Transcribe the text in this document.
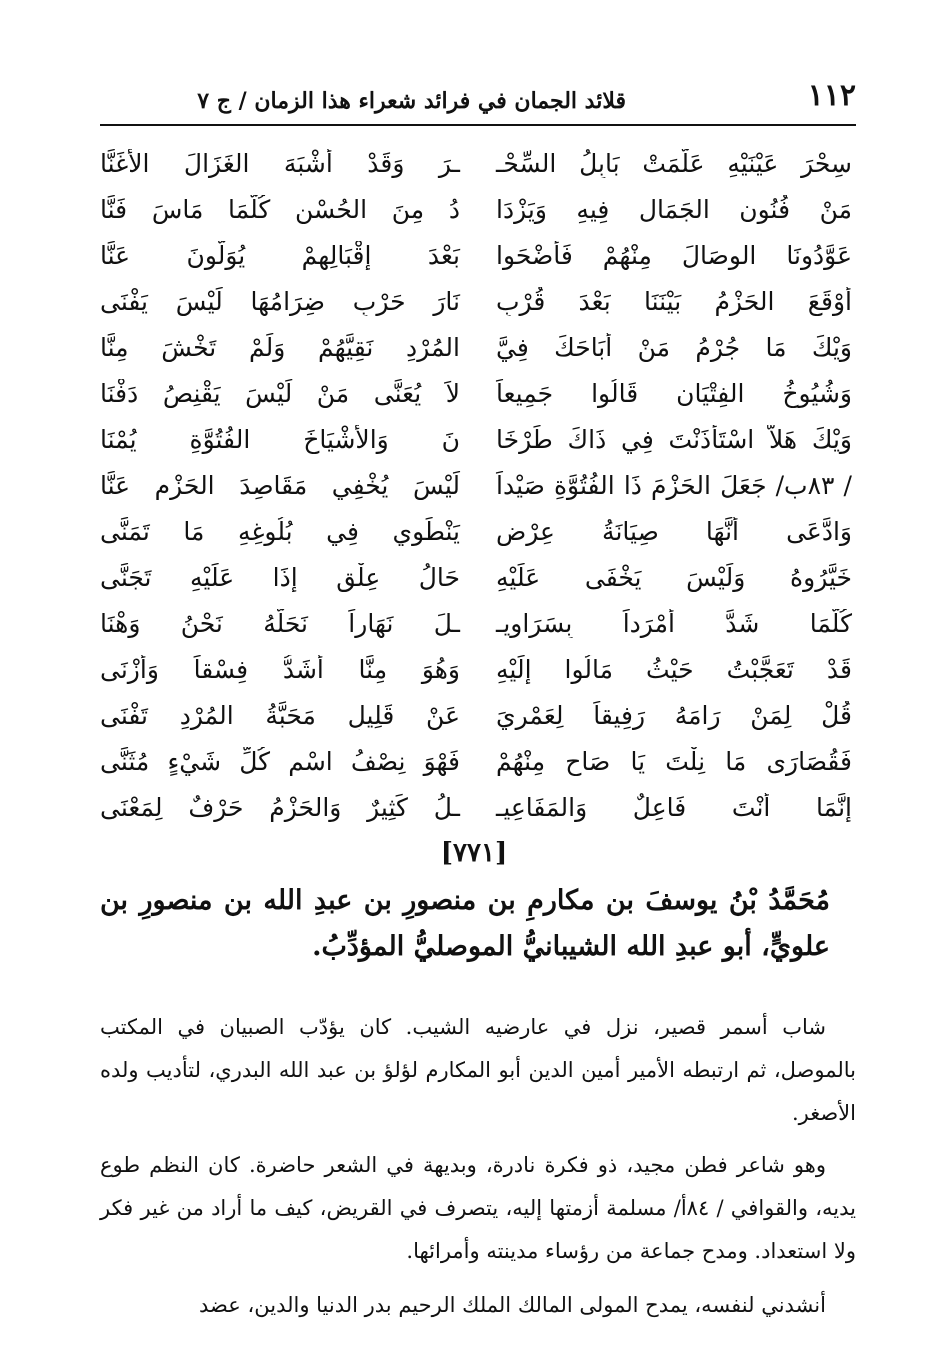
١١٢
قلائد الجمان في فرائد شعراء هذا الزمان / ج ٧
سِحْرَ عَيْنَيْهِ عَلَّمَتْ بَابِلُ السِّحْـ
ـرَ وَقَدْ أَشْبَهَ الغَزَالَ الأَغَنَّا
مَنْ فُنُونِ الجَمَالِ فِيهِ وَيَزْدَا
دُ مِنَ الحُسْنِ كُلَّمَا مَاسَ فَنَّا
عَوَّدُونَا الوِصَالَ مِنْهُمْ فَأَضْحَوا
بَعْدَ إقْبَالِهِمْ يُوَلُّونَ عَنَّا
أَوْقَعَ الحَزْمُ بَيْنَنَا بَعْدَ قُرْبٍ
نَارَ حَرْبٍ ضِرَامُهَا لَيْسَ يَفْنَى
وَيْكَ مَا جُرْمُ مَنْ أَبَاحَكَ فِيَّ
المُرْدِ نَقِيَّهُمْ وَلَمْ تَخْشَ مِنَّا
وَشُيُوخُ الفِتْيَانِ قَالُوا جَمِيعاً
لاَ يُعَنَّى مَنْ لَيْسَ يَقْنِصُ دَفْنَا
وَيْكَ هَلاَّ اسْتَأْذَنْتَ فِي ذَاكَ طَرْخَا
نَ وَالأَشْيَاخَ الفُتُوَّةِ يُمْنَا
/ ٨٣ب/ جَعَلَ الحَزْمَ ذَا الفُتُوَّةِ صَيْداً
لَيْسَ يُخْفِي مَقَاصِدَ الحَزْمِ عَنَّا
وَادَّعَى أَنَّهَا صِيَانَةُ عِرْضٍ
يَنْطَوِي فِي بُلُوغِهِ مَا تَمَنَّى
خَيَّرُوهُ وَلَيْسَ يَخْفَى عَلَيْهِ
حَالُ عِلْقٍ إذَا عَلَيْهِ تَجَنَّى
كُلَّمَا شَدَّ أَمْرَداً بِسَرَاوِيـ
ـلَ نَهَاراً نَحَلَّهُ نَحْنُ وَهْنَا
قَدْ تَعَجَّبْتُ حَيْثُ مَالُوا إِلَيْهِ
وَهُوَ مِنَّا أَشَدُّ فِسْقاً وَأَزْنَى
قُلْ لِمَنْ رَامَهُ رَفِيقاً لِعَمْرِيَ
عَنْ قَلِيلٍ مَحَبَّةُ المُرْدِ تَفْنَى
فَقُصَارَى مَا نِلْتَ يَا صَاحِ مِنْهُمْ
فَهْوَ نِصْفُ اسْمٍ كُلِّ شَيْءٍ مُثَنَّى
إِنَّمَا أَنْتَ فَاعِلٌ وَالمَفَاعِيـ
ـلُ كَثِيرٌ وَالحَزْمُ حَرْفٌ لِمَعْنَى
[٧٧١]
مُحَمَّدُ بْنُ يوسفَ بن مكارمِ بن منصورِ بن عبدِ الله بن منصورِ بن علويٍّ، أبو عبدِ الله الشيبانيُّ الموصليُّ المؤدِّبُ.

شاب أسمر قصير، نزل في عارضيه الشيب. كان يؤدّب الصبيان في المكتب بالموصل، ثم ارتبطه الأمير أمين الدين أبو المكارم لؤلؤ بن عبد الله البدري، لتأديب ولده الأصغر.

وهو شاعر فطن مجيد، ذو فكرة نادرة، وبديهة في الشعر حاضرة. كان النظم طوع يديه، والقوافي / ٨٤أ/ مسلمة أزمتها إليه، يتصرف في القريض، كيف ما أراد من غير فكر ولا استعداد. ومدح جماعة من رؤساء مدينته وأمرائها.

أنشدني لنفسه، يمدح المولى المالك الملك الرحيم بدر الدنيا والدين، عضد
